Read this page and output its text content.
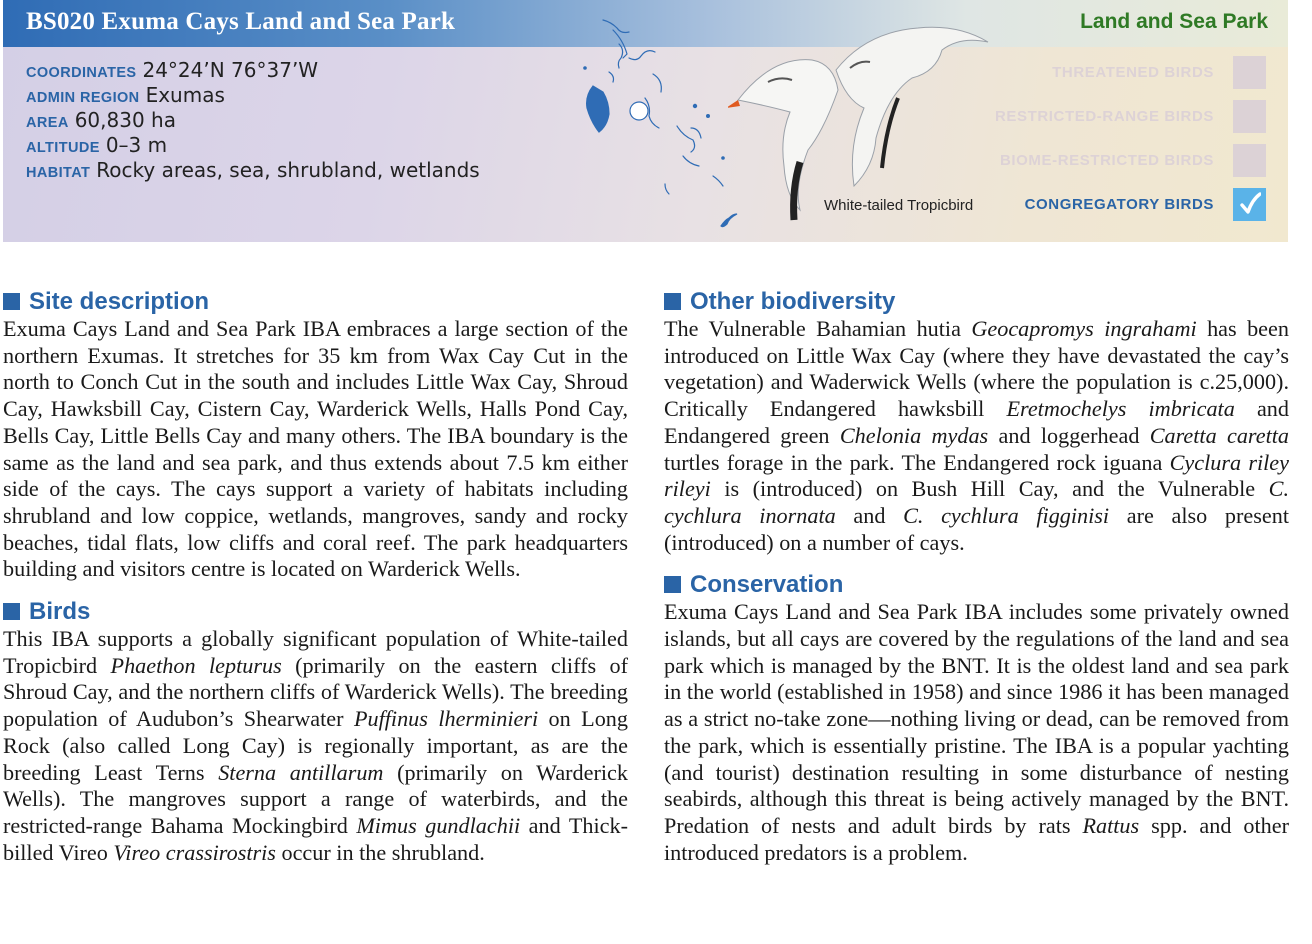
BS020 Exuma Cays Land and Sea Park	Land and Sea Park
COORDINATES 24°24’N 76°37’W
ADMIN REGION Exumas
AREA 60,830 ha
ALTITUDE 0–3 m
HABITAT Rocky areas, sea, shrubland, wetlands
White-tailed Tropicbird
THREATENED BIRDS
RESTRICTED-RANGE BIRDS
BIOME-RESTRICTED BIRDS
CONGREGATORY BIRDS
Site description

Exuma Cays Land and Sea Park IBA embraces a large section of the northern Exumas. It stretches for 35 km from Wax Cay Cut in the north to Conch Cut in the south and includes Little Wax Cay, Shroud Cay, Hawksbill Cay, Cistern Cay, Warderick Wells, Halls Pond Cay, Bells Cay, Little Bells Cay and many others. The IBA boundary is the same as the land and sea park, and thus extends about 7.5 km either side of the cays. The cays support a variety of habitats including shrubland and low coppice, wetlands, mangroves, sandy and rocky beaches, tidal flats, low cliffs and coral reef. The park headquarters building and visitors centre is located on Warderick Wells.

Birds

This IBA supports a globally significant population of White-tailed Tropicbird Phaethon lepturus (primarily on the eastern cliffs of Shroud Cay, and the northern cliffs of Warderick Wells). The breeding population of Audubon’s Shearwater Puffinus lherminieri on Long Rock (also called Long Cay) is regionally important, as are the breeding Least Terns Sterna antillarum (primarily on Warderick Wells). The mangroves support a range of waterbirds, and the restricted-range Bahama Mockingbird Mimus gundlachii and Thick-billed Vireo Vireo crassirostris occur in the shrubland.

Other biodiversity

The Vulnerable Bahamian hutia Geocapromys ingrahami has been introduced on Little Wax Cay (where they have devastated the cay’s vegetation) and Waderwick Wells (where the population is c.25,000). Critically Endangered hawksbill Eretmochelys imbricata and Endangered green Chelonia mydas and loggerhead Caretta caretta turtles forage in the park. The Endangered rock iguana Cyclura riley rileyi is (introduced) on Bush Hill Cay, and the Vulnerable C. cychlura inornata and C. cychlura figginisi are also present (introduced) on a number of cays.

Conservation

Exuma Cays Land and Sea Park IBA includes some privately owned islands, but all cays are covered by the regulations of the land and sea park which is managed by the BNT. It is the oldest land and sea park in the world (established in 1958) and since 1986 it has been managed as a strict no-take zone—nothing living or dead, can be removed from the park, which is essentially pristine. The IBA is a popular yachting (and tourist) destination resulting in some disturbance of nesting seabirds, although this threat is being actively managed by the BNT. Predation of nests and adult birds by rats Rattus spp. and other introduced predators is a problem.
